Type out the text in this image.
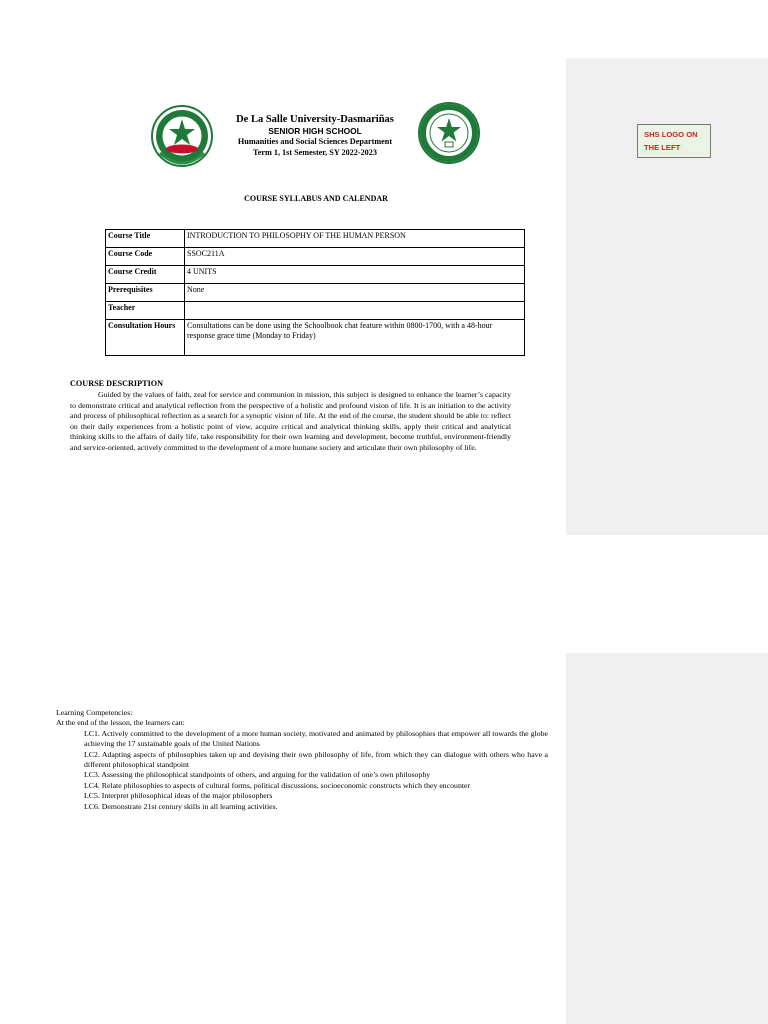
SHS LOGO ON
THE LEFT
De La Salle University-Dasmariñas
SENIOR HIGH SCHOOL
Humanities and Social Sciences Department
Term 1, 1st Semester, SY 2022-2023
COURSE SYLLABUS AND CALENDAR
Course Title	INTRODUCTION TO PHILOSOPHY OF THE HUMAN PERSON
Course Code	SSOC211A
Course Credit	4 UNITS
Prerequisites	None
Teacher	
Consultation Hours	Consultations can be done using the Schoolbook chat feature within 0800-1700, with a 48-hour response grace time (Monday to Friday)
COURSE DESCRIPTION
Guided by the values of faith, zeal for service and communion in mission, this subject is designed to enhance the learner’s capacity to demonstrate critical and analytical reflection from the perspective of a holistic and profound vision of life. It is an initiation to the activity and process of philosophical reflection as a search for a synoptic vision of life. At the end of the course, the student should be able to: reflect on their daily experiences from a holistic point of view, acquire critical and analytical thinking skills, apply their critical and analytical thinking skills to the affairs of daily life, take responsibility for their own learning and development, become truthful, environment-friendly and service-oriented, actively committed to the development of a more humane society and articulate their own philosophy of life.
Learning Competencies:
At the end of the lesson, the learners can:
LC1. Actively committed to the development of a more human society, motivated and animated by philosophies that empower all towards the globe achieving the 17 sustainable goals of the United Nations
LC2. Adapting aspects of philosophies taken up and devising their own philosophy of life, from which they can dialogue with others who have a different philosophical standpoint
LC3. Assessing the philosophical standpoints of others, and arguing for the validation of one’s own philosophy
LC4. Relate philosophies to aspects of cultural forms, political discussions, socioeconomic constructs which they encounter
LC5. Interpret philosophical ideas of the major philosophers
LC6. Demonstrate 21st century skills in all learning activities.
